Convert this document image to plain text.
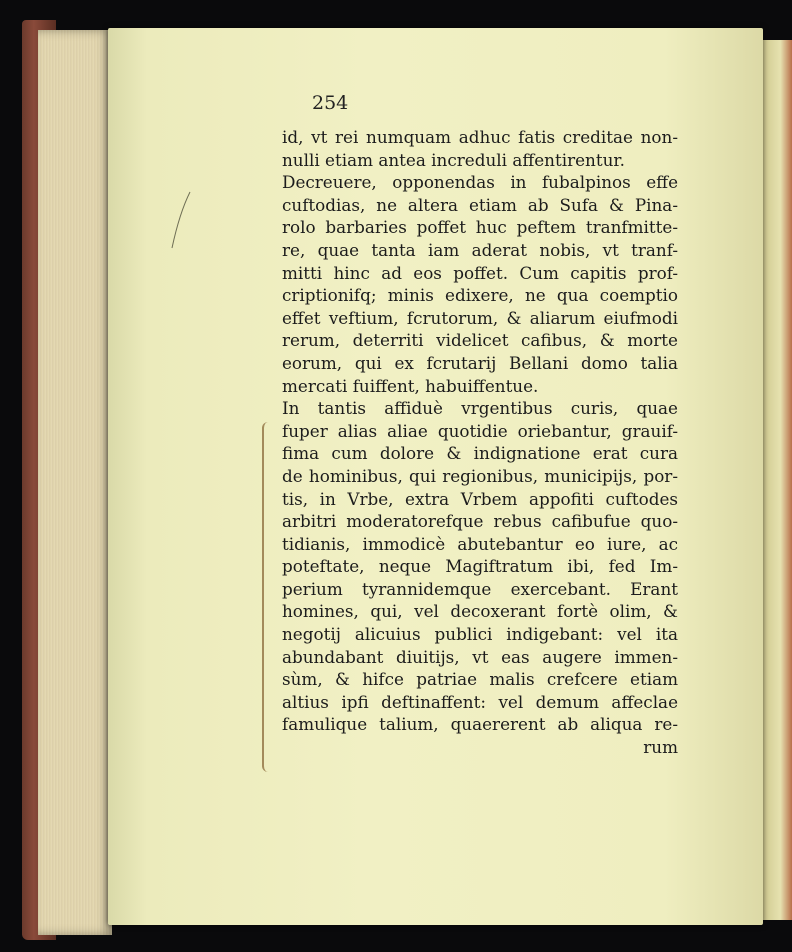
254
id, vt rei numquam adhuc fatis creditae non-
nulli etiam antea increduli affentirentur.
Decreuere, opponendas in fubalpinos effe
cuftodias, ne altera etiam ab Sufa & Pina-
rolo barbaries poffet huc peftem tranfmitte-
re, quae tanta iam aderat nobis, vt tranf-
mitti hinc ad eos poffet. Cum capitis prof-
criptionifq; minis edixere, ne qua coemptio
effet veftium, fcrutorum, & aliarum eiufmodi
rerum, deterriti videlicet cafibus, & morte
eorum, qui ex fcrutarij Bellani domo talia
mercati fuiffent, habuiffentue.
In tantis affiduè vrgentibus curis, quae
fuper alias aliae quotidie oriebantur, grauif-
fima cum dolore & indignatione erat cura
de hominibus, qui regionibus, municipijs, por-
tis, in Vrbe, extra Vrbem appofiti cuftodes
arbitri moderatorefque rebus cafibufue quo-
tidianis, immodicè abutebantur eo iure, ac
poteftate, neque Magiftratum ibi, fed Im-
perium tyrannidemque exercebant. Erant
homines, qui, vel decoxerant fortè olim, &
negotij alicuius publici indigebant: vel ita
abundabant diuitijs, vt eas augere immen-
sùm, & hifce patriae malis crefcere etiam
altius ipfi deftinaffent: vel demum affeclae
famulique talium, quaererent ab aliqua re-
rum
